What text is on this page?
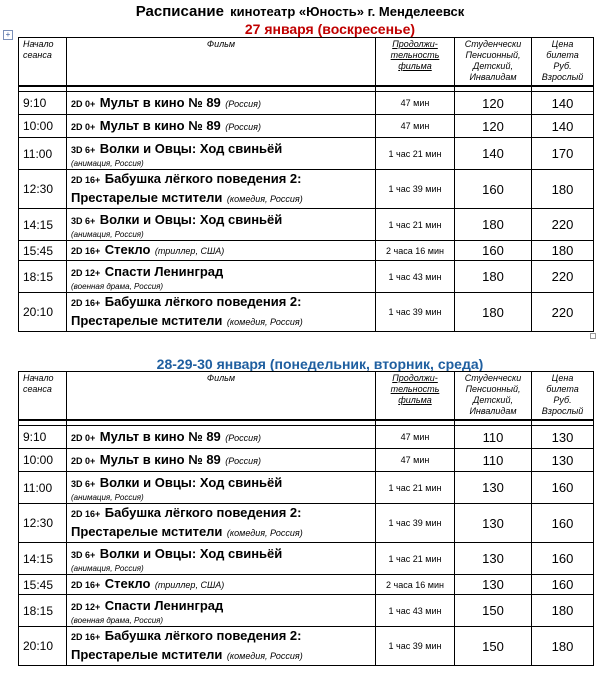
Расписание кинотеатр «Юность» г. Менделеевск
+	27 января (воскресенье)
Начало сеанса	Фильм	Продолжи-тельность фильма	Студенчески Пенсионный, Детский, Инвалидам	Цена билета Руб. Взрослый

9:10	2D 0+ Мульт в кино № 89 (Россия)	47 мин	120	140
10:00	2D 0+ Мульт в кино № 89 (Россия)	47 мин	120	140
11:00	3D 6+ Волки и Овцы: Ход свиньёй
(анимация, Россия)	1 час 21 мин	140	170
12:30	2D 16+ Бабушка лёгкого поведения 2:
Престарелые мстители (комедия, Россия)	1 час 39 мин	160	180
14:15	3D 6+ Волки и Овцы: Ход свиньёй
(анимация, Россия)	1 час 21 мин	180	220
15:45	2D 16+ Стекло (триллер, США)	2 часа 16 мин	160	180
18:15	2D 12+ Спасти Ленинград
(военная драма, Россия)	1 час 43 мин	180	220
20:10	2D 16+ Бабушка лёгкого поведения 2:
Престарелые мстители (комедия, Россия)	1 час 39 мин	180	220
28-29-30 января (понедельник, вторник, среда)
Начало сеанса	Фильм	Продолжи-тельность фильма	Студенчески Пенсионный, Детский, Инвалидам	Цена билета Руб. Взрослый

9:10	2D 0+ Мульт в кино № 89 (Россия)	47 мин	110	130
10:00	2D 0+ Мульт в кино № 89 (Россия)	47 мин	110	130
11:00	3D 6+ Волки и Овцы: Ход свиньёй
(анимация, Россия)	1 час 21 мин	130	160
12:30	2D 16+ Бабушка лёгкого поведения 2:
Престарелые мстители (комедия, Россия)	1 час 39 мин	130	160
14:15	3D 6+ Волки и Овцы: Ход свиньёй
(анимация, Россия)	1 час 21 мин	130	160
15:45	2D 16+ Стекло (триллер, США)	2 часа 16 мин	130	160
18:15	2D 12+ Спасти Ленинград
(военная драма, Россия)	1 час 43 мин	150	180
20:10	2D 16+ Бабушка лёгкого поведения 2:
Престарелые мстители (комедия, Россия)	1 час 39 мин	150	180
